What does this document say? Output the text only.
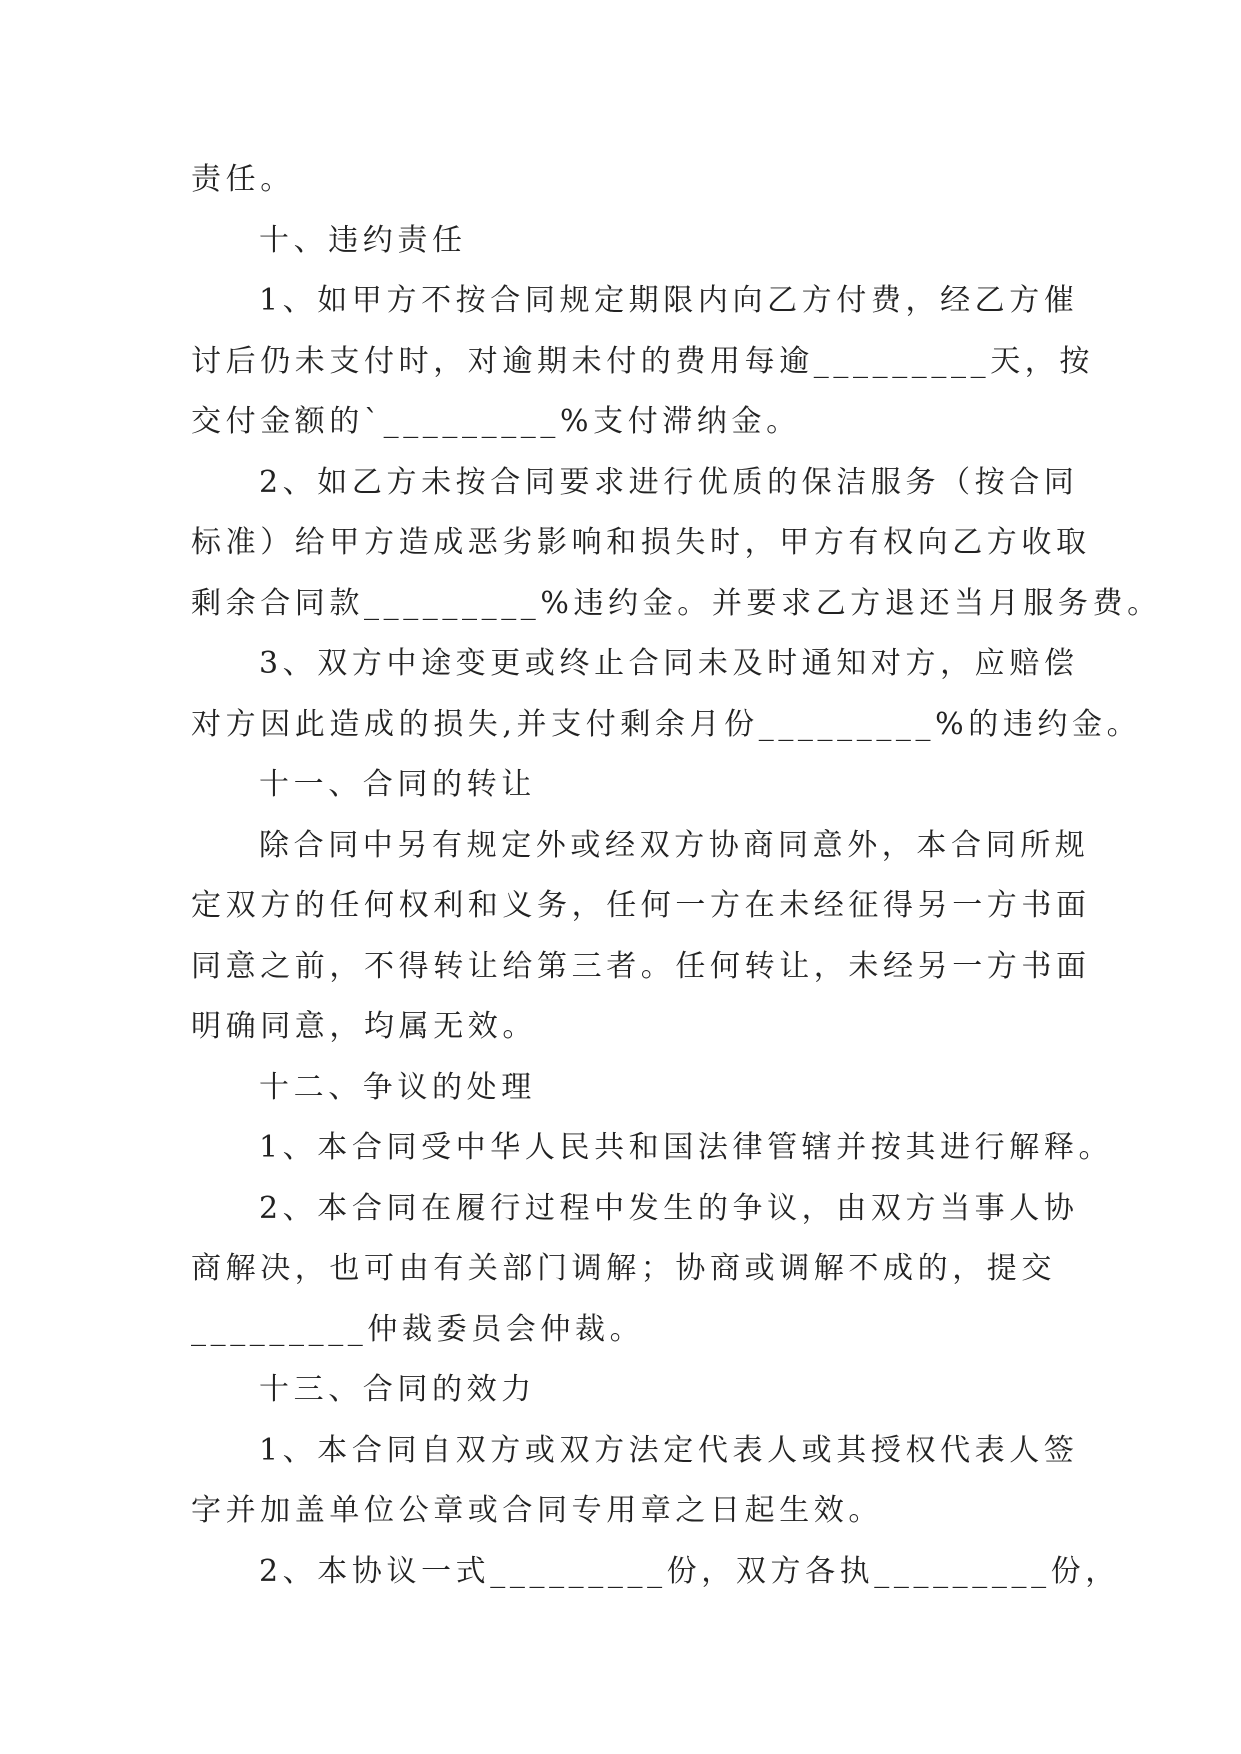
责任。
十、违约责任
1、如甲方不按合同规定期限内向乙方付费，经乙方催
讨后仍未支付时，对逾期未付的费用每逾_________天，按
交付金额的`_________%支付滞纳金。
2、如乙方未按合同要求进行优质的保洁服务（按合同
标准）给甲方造成恶劣影响和损失时，甲方有权向乙方收取
剩余合同款_________%违约金。并要求乙方退还当月服务费。
3、双方中途变更或终止合同未及时通知对方，应赔偿
对方因此造成的损失,并支付剩余月份_________%的违约金。
十一、合同的转让
除合同中另有规定外或经双方协商同意外，本合同所规
定双方的任何权利和义务，任何一方在未经征得另一方书面
同意之前，不得转让给第三者。任何转让，未经另一方书面
明确同意，均属无效。
十二、争议的处理
1、本合同受中华人民共和国法律管辖并按其进行解释。
2、本合同在履行过程中发生的争议，由双方当事人协
商解决，也可由有关部门调解；协商或调解不成的，提交
_________仲裁委员会仲裁。
十三、合同的效力
1、本合同自双方或双方法定代表人或其授权代表人签
字并加盖单位公章或合同专用章之日起生效。
2、本协议一式_________份，双方各执_________份，
